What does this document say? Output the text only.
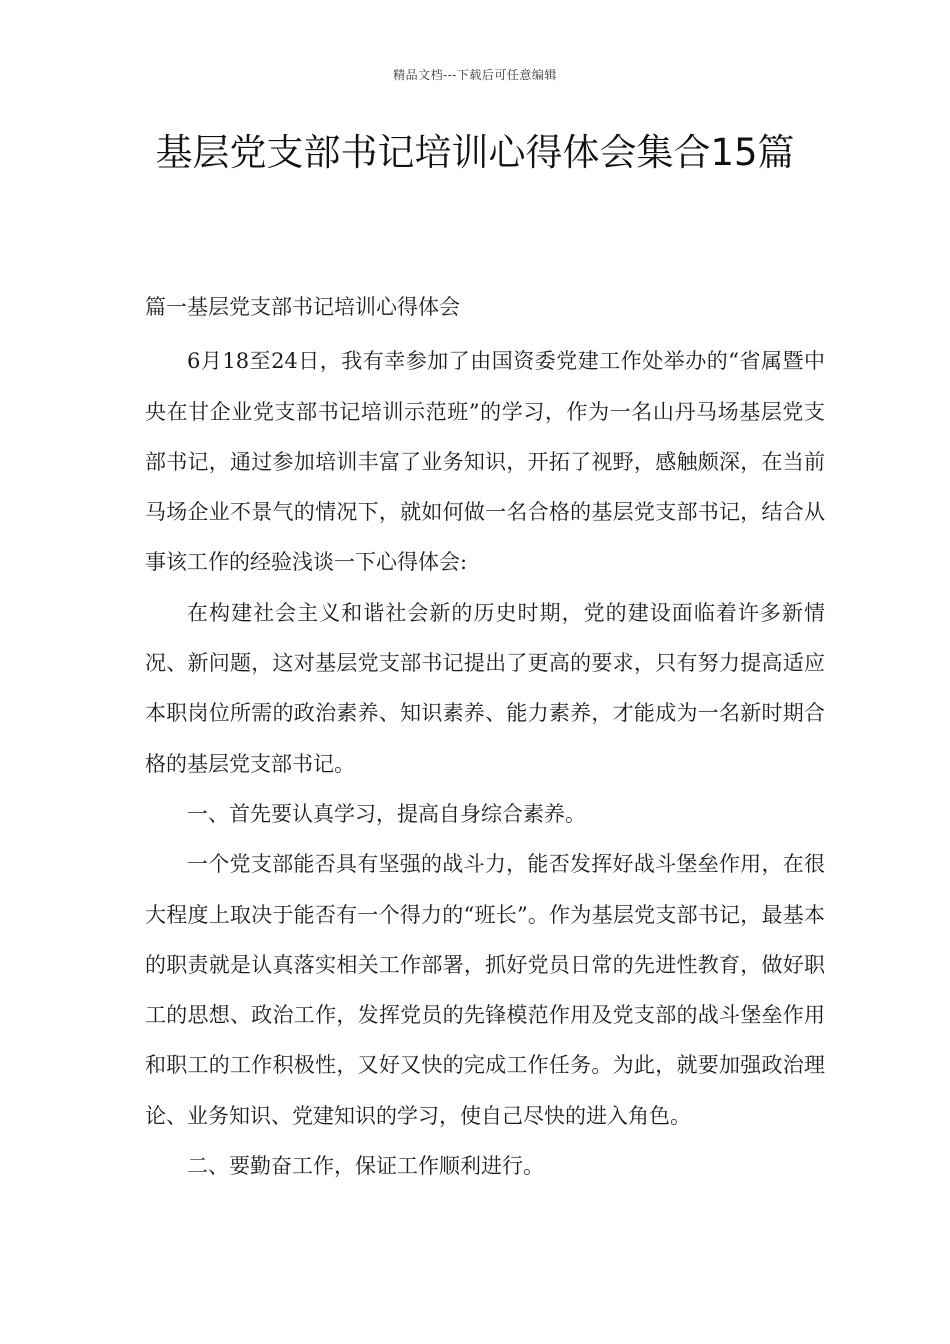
精品文档---下载后可任意编辑
基层党支部书记培训心得体会集合15篇

篇一基层党支部书记培训心得体会

6月18至24日，我有幸参加了由国资委党建工作处举办的“省属暨中央在甘企业党支部书记培训示范班”的学习，作为一名山丹马场基层党支部书记，通过参加培训丰富了业务知识，开拓了视野，感触颇深，在当前马场企业不景气的情况下，就如何做一名合格的基层党支部书记，结合从事该工作的经验浅谈一下心得体会:

在构建社会主义和谐社会新的历史时期，党的建设面临着许多新情况、新问题，这对基层党支部书记提出了更高的要求，只有努力提高适应本职岗位所需的政治素养、知识素养、能力素养，才能成为一名新时期合格的基层党支部书记。

一、首先要认真学习，提高自身综合素养。

一个党支部能否具有坚强的战斗力，能否发挥好战斗堡垒作用，在很大程度上取决于能否有一个得力的“班长”。作为基层党支部书记，最基本的职责就是认真落实相关工作部署，抓好党员日常的先进性教育，做好职工的思想、政治工作，发挥党员的先锋模范作用及党支部的战斗堡垒作用和职工的工作积极性，又好又快的完成工作任务。为此，就要加强政治理论、业务知识、党建知识的学习，使自己尽快的进入角色。

二、要勤奋工作，保证工作顺利进行。
